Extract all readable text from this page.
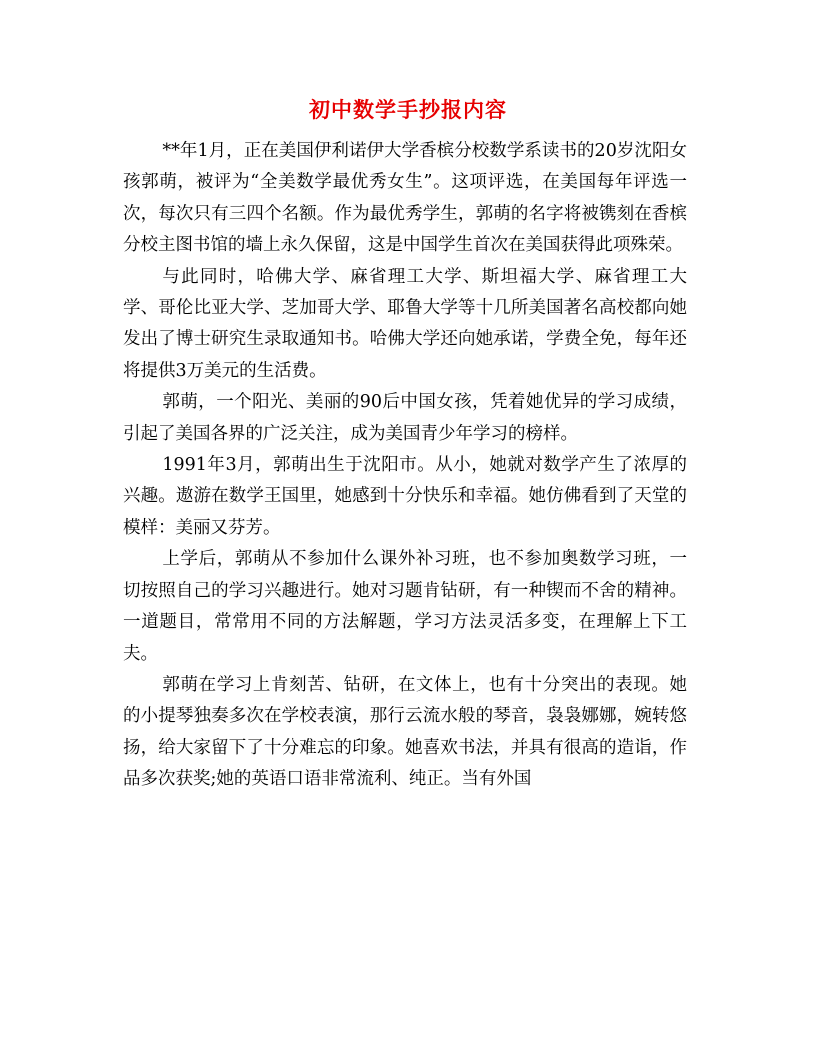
初中数学手抄报内容

**年1月，正在美国伊利诺伊大学香槟分校数学系读书的20岁沈阳女孩郭萌，被评为“全美数学最优秀女生”。这项评选，在美国每年评选一次，每次只有三四个名额。作为最优秀学生，郭萌的名字将被镌刻在香槟分校主图书馆的墙上永久保留，这是中国学生首次在美国获得此项殊荣。

与此同时，哈佛大学、麻省理工大学、斯坦福大学、麻省理工大学、哥伦比亚大学、芝加哥大学、耶鲁大学等十几所美国著名高校都向她发出了博士研究生录取通知书。哈佛大学还向她承诺，学费全免，每年还将提供3万美元的生活费。

郭萌，一个阳光、美丽的90后中国女孩，凭着她优异的学习成绩，引起了美国各界的广泛关注，成为美国青少年学习的榜样。

1991年3月，郭萌出生于沈阳市。从小，她就对数学产生了浓厚的兴趣。遨游在数学王国里，她感到十分快乐和幸福。她仿佛看到了天堂的模样：美丽又芬芳。

上学后，郭萌从不参加什么课外补习班，也不参加奥数学习班，一切按照自己的学习兴趣进行。她对习题肯钻研，有一种锲而不舍的精神。一道题目，常常用不同的方法解题，学习方法灵活多变，在理解上下工夫。

郭萌在学习上肯刻苦、钻研，在文体上，也有十分突出的表现。她的小提琴独奏多次在学校表演，那行云流水般的琴音，袅袅娜娜，婉转悠扬，给大家留下了十分难忘的印象。她喜欢书法，并具有很高的造诣，作品多次获奖;她的英语口语非常流利、纯正。当有外国
